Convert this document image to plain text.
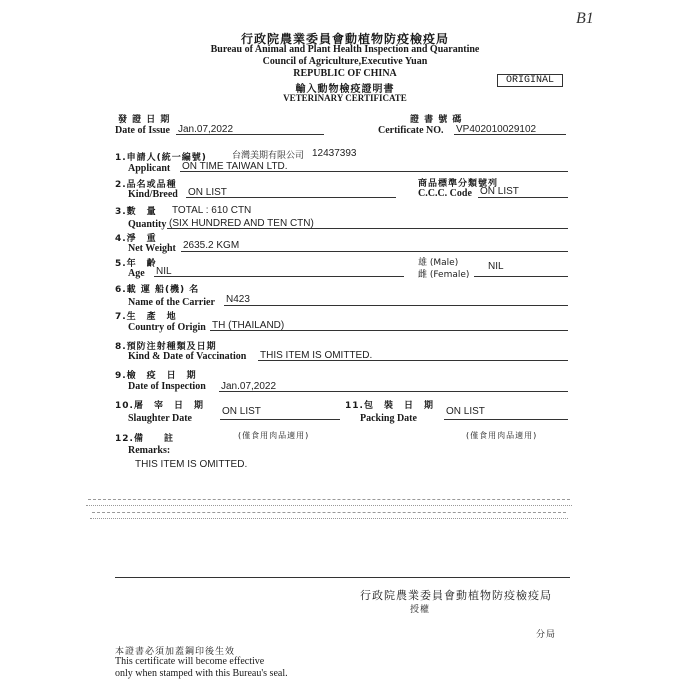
B1
行政院農業委員會動植物防疫檢疫局
Bureau of Animal and Plant Health Inspection and Quarantine
Council of Agriculture,Executive Yuan
REPUBLIC OF CHINA
輸入動物檢疫證明書
VETERINARY CERTIFICATE
ORIGINAL
發 證 日 期
Date of Issue Jan.07,2022
證 書 號 碼
Certificate NO. VP402010029102
1.申請人(統一編號)	台灣美期有限公司 12437393
Applicant ON TIME TAIWAN LTD.
2.品名或品種
Kind/Breed ON LIST
商品標準分類號列
C.C.C. Code ON LIST
3.數　量 TOTAL : 610 CTN
Quantity (SIX HUNDRED AND TEN CTN)
4.淨　重
Net Weight 2635.2 KGM
5.年　齡
Age NIL
雄 (Male)
雌 (Female)
NIL
6.載 運 船(機) 名
Name of the Carrier N423
7.生　產　地
Country of Origin TH (THAILAND)
8.預防注射種類及日期
Kind & Date of Vaccination THIS ITEM IS OMITTED.
9.檢　疫　日　期
Date of Inspection Jan.07,2022
10.屠　宰　日　期
Slaughter Date
ON LIST
(僅食用肉品適用)
11.包　裝　日　期
Packing Date
ON LIST
(僅食用肉品適用)
12.備　　註
Remarks:
THIS ITEM IS OMITTED.
行政院農業委員會動植物防疫檢疫局
授權
分局
本證書必須加蓋鋼印後生效
This certificate will become effective
only when stamped with this Bureau's seal.
